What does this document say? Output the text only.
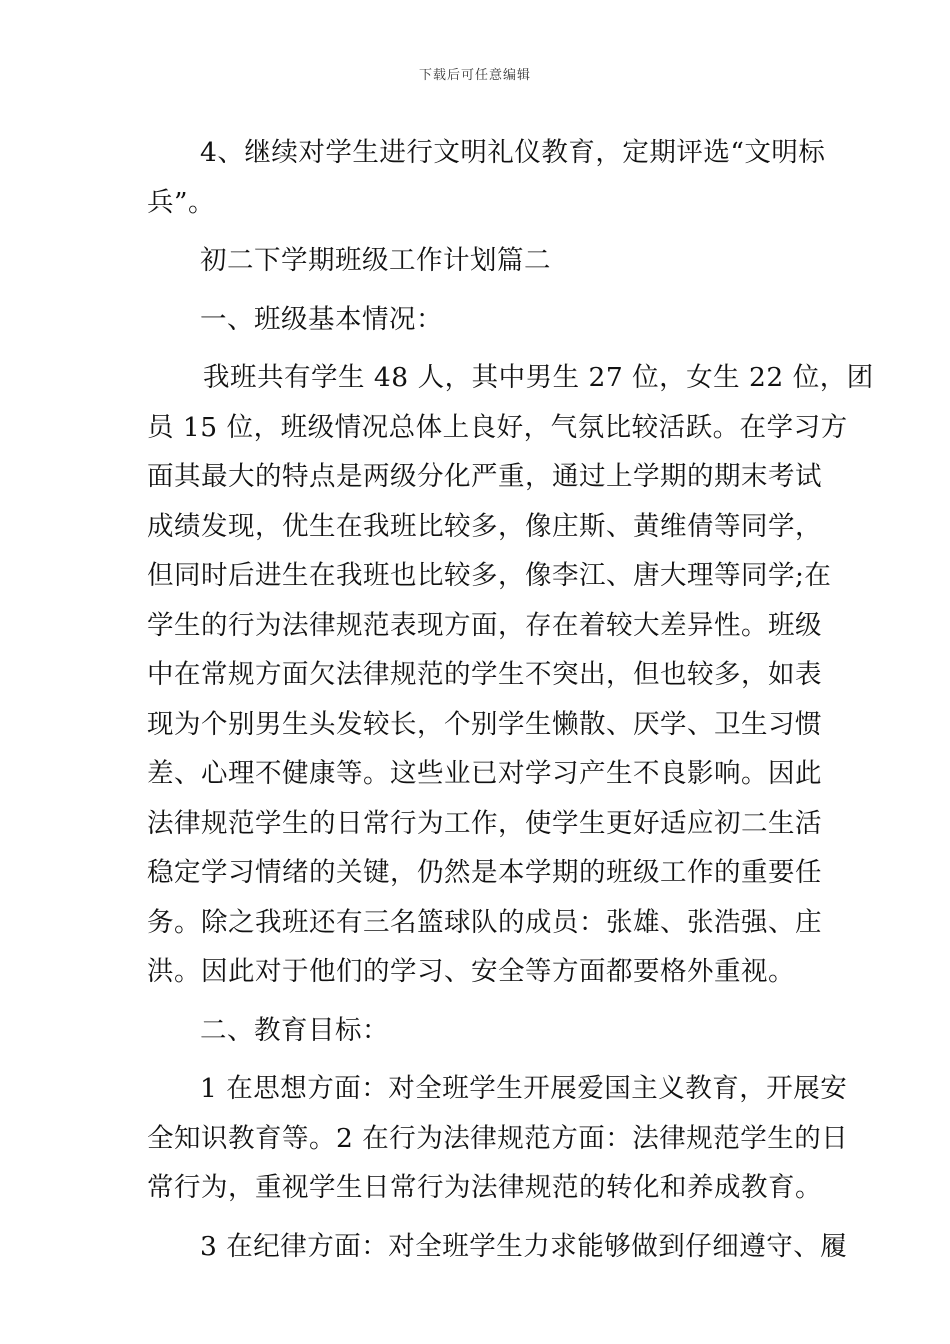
下载后可任意编辑
4、继续对学生进行文明礼仪教育，定期评选“文明标
兵”。
初二下学期班级工作计划篇二
一、班级基本情况：
我班共有学生 48 人，其中男生 27 位，女生 22 位，团
员 15 位，班级情况总体上良好，气氛比较活跃。在学习方
面其最大的特点是两级分化严重，通过上学期的期末考试
成绩发现，优生在我班比较多，像庄斯、黄维倩等同学，
但同时后进生在我班也比较多，像李江、唐大理等同学;在
学生的行为法律规范表现方面，存在着较大差异性。班级
中在常规方面欠法律规范的学生不突出，但也较多，如表
现为个别男生头发较长，个别学生懒散、厌学、卫生习惯
差、心理不健康等。这些业已对学习产生不良影响。因此
法律规范学生的日常行为工作，使学生更好适应初二生活
稳定学习情绪的关键，仍然是本学期的班级工作的重要任
务。除之我班还有三名篮球队的成员：张雄、张浩强、庄
洪。因此对于他们的学习、安全等方面都要格外重视。
二、教育目标：
1 在思想方面：对全班学生开展爱国主义教育，开展安
全知识教育等。2 在行为法律规范方面：法律规范学生的日
常行为，重视学生日常行为法律规范的转化和养成教育。
3 在纪律方面：对全班学生力求能够做到仔细遵守、履
